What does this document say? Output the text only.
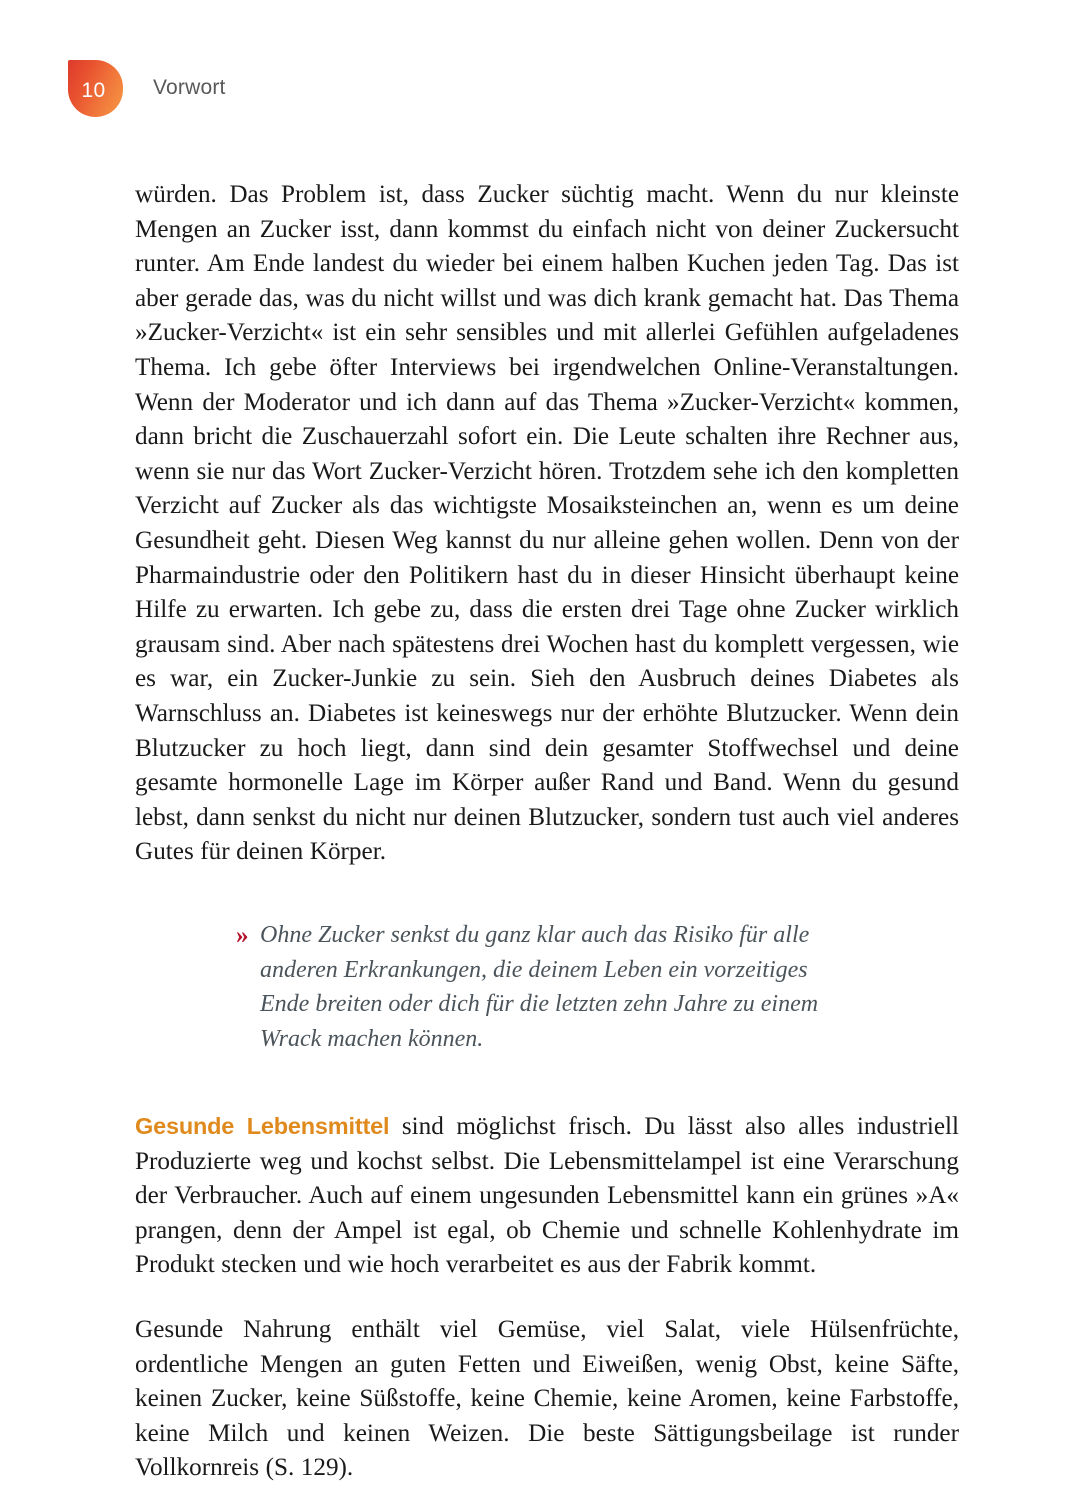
10 Vorwort

würden. Das Problem ist, dass Zucker süchtig macht. Wenn du nur kleinste Mengen an Zucker isst, dann kommst du einfach nicht von deiner Zuckersucht runter. Am Ende landest du wieder bei einem halben Kuchen jeden Tag. Das ist aber gerade das, was du nicht willst und was dich krank gemacht hat. Das Thema »Zucker-Verzicht« ist ein sehr sensibles und mit allerlei Gefühlen aufgeladenes Thema. Ich gebe öfter Interviews bei irgendwelchen Online-Veranstaltungen. Wenn der Moderator und ich dann auf das Thema »Zucker-Verzicht« kommen, dann bricht die Zuschauerzahl sofort ein. Die Leute schalten ihre Rechner aus, wenn sie nur das Wort Zucker-Verzicht hören. Trotzdem sehe ich den kompletten Verzicht auf Zucker als das wichtigste Mosaiksteinchen an, wenn es um deine Gesundheit geht. Diesen Weg kannst du nur alleine gehen wollen. Denn von der Pharmaindustrie oder den Politikern hast du in dieser Hinsicht überhaupt keine Hilfe zu erwarten. Ich gebe zu, dass die ersten drei Tage ohne Zucker wirklich grausam sind. Aber nach spätestens drei Wochen hast du komplett vergessen, wie es war, ein Zucker-Junkie zu sein. Sieh den Ausbruch deines Diabetes als Warnschluss an. Diabetes ist keineswegs nur der erhöhte Blutzucker. Wenn dein Blutzucker zu hoch liegt, dann sind dein gesamter Stoffwechsel und deine gesamte hormonelle Lage im Körper außer Rand und Band. Wenn du gesund lebst, dann senkst du nicht nur deinen Blutzucker, sondern tust auch viel anderes Gutes für deinen Körper.

» Ohne Zucker senkst du ganz klar auch das Risiko für alle anderen Erkrankungen, die deinem Leben ein vorzeitiges Ende breiten oder dich für die letzten zehn Jahre zu einem Wrack machen können.

Gesunde Lebensmittel sind möglichst frisch. Du lässt also alles industriell Produzierte weg und kochst selbst. Die Lebensmittelampel ist eine Verarschung der Verbraucher. Auch auf einem ungesunden Lebensmittel kann ein grünes »A« prangen, denn der Ampel ist egal, ob Chemie und schnelle Kohlenhydrate im Produkt stecken und wie hoch verarbeitet es aus der Fabrik kommt.

Gesunde Nahrung enthält viel Gemüse, viel Salat, viele Hülsenfrüchte, ordentliche Mengen an guten Fetten und Eiweißen, wenig Obst, keine Säfte, keinen Zucker, keine Süßstoffe, keine Chemie, keine Aromen, keine Farbstoffe, keine Milch und keinen Weizen. Die beste Sättigungsbeilage ist runder Vollkornreis (S. 129).
